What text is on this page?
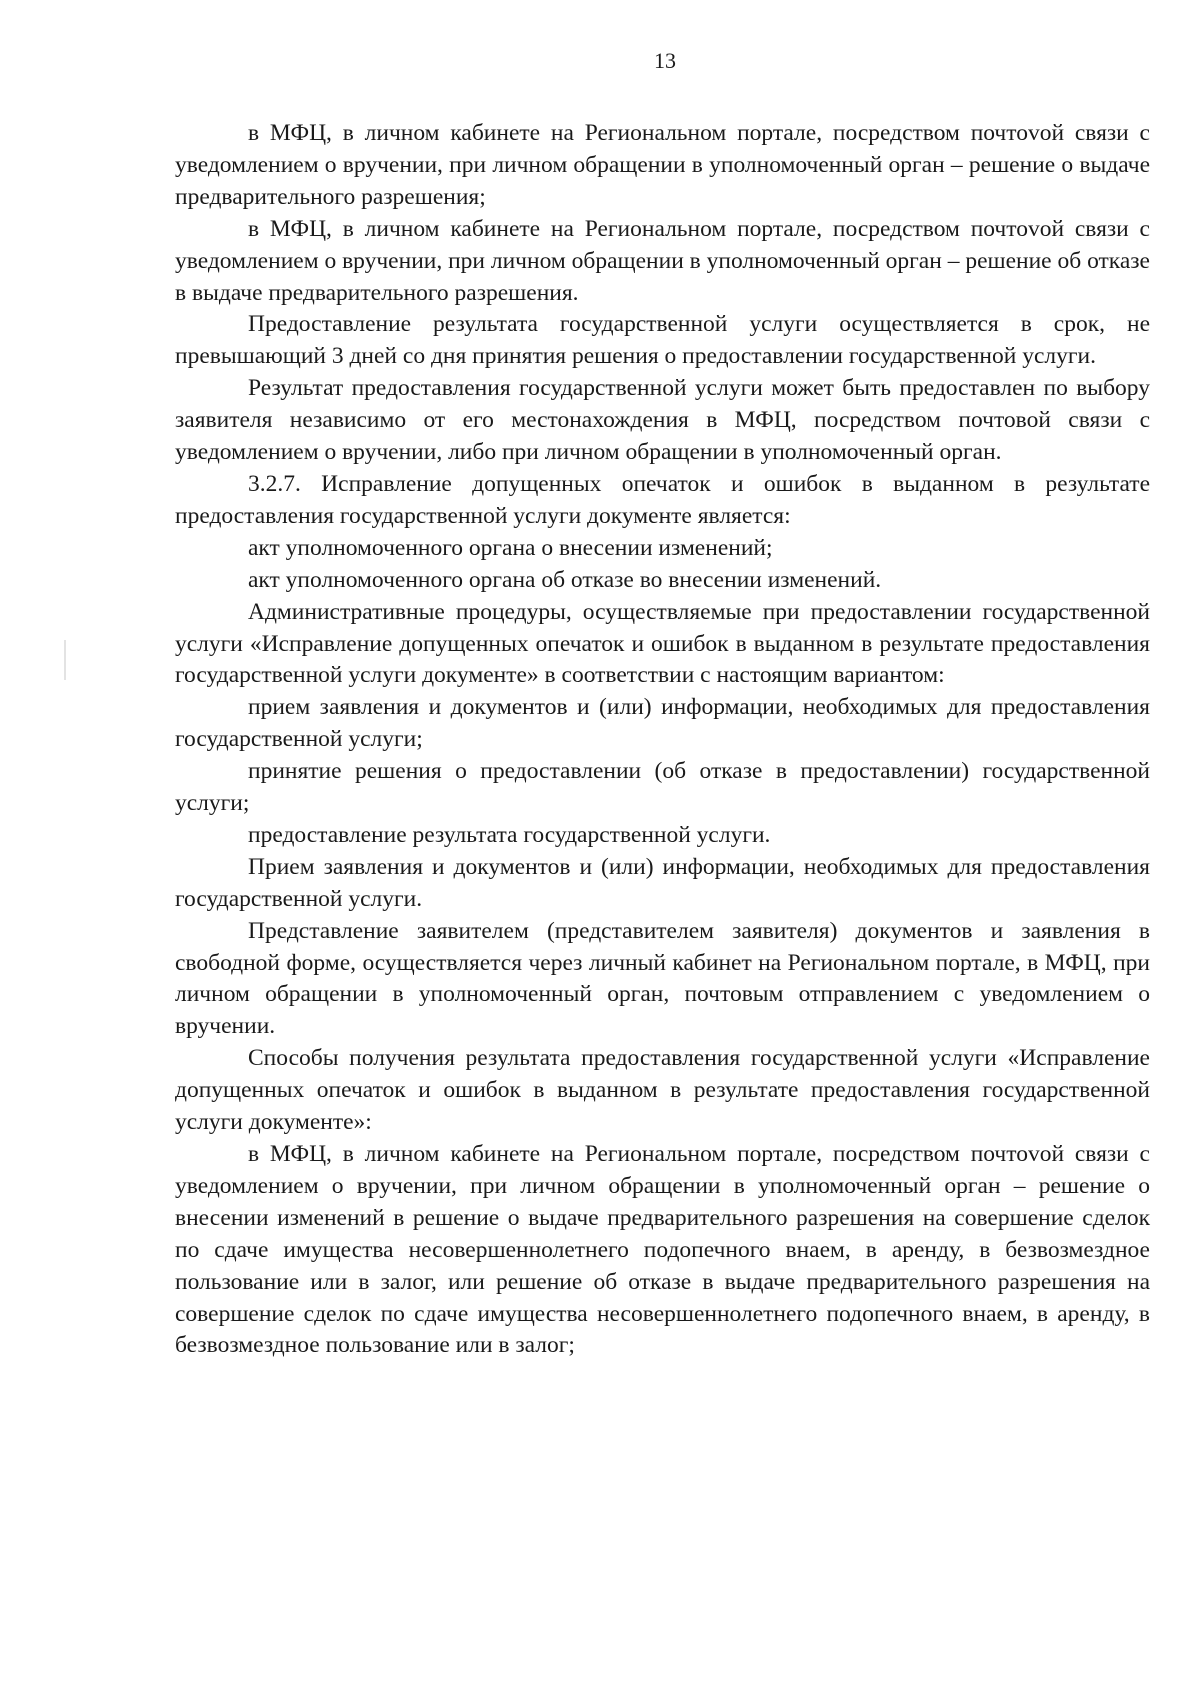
13

в МФЦ, в личном кабинете на Региональном портале, посредством почтоvой связи с уведомлением о вручении, при личном обращении в уполномоченный орган – решение о выдаче предварительного разрешения;

в МФЦ, в личном кабинете на Региональном портале, посредством почтоvой связи с уведомлением о вручении, при личном обращении в уполномоченный орган – решение об отказе в выдаче предварительного разрешения.

Предоставление результата государственной услуги осуществляется в срок, не превышающий 3 дней со дня принятия решения о предоставлении государственной услуги.

Результат предоставления государственной услуги может быть предоставлен по выбору заявителя независимо от его местонахождения в МФЦ, посредством почтовой связи с уведомлением о вручении, либо при личном обращении в уполномоченный орган.

3.2.7. Исправление допущенных опечаток и ошибок в выданном в результате предоставления государственной услуги документе является:

акт уполномоченного органа о внесении изменений;

акт уполномоченного органа об отказе во внесении изменений.

Административные процедуры, осуществляемые при предоставлении государственной услуги «Исправление допущенных опечаток и ошибок в выданном в результате предоставления государственной услуги документе» в соответствии с настоящим вариантом:

прием заявления и документов и (или) информации, необходимых для предоставления государственной услуги;

принятие решения о предоставлении (об отказе в предоставлении) государственной услуги;

предоставление результата государственной услуги.

Прием заявления и документов и (или) информации, необходимых для предоставления государственной услуги.

Представление заявителем (представителем заявителя) документов и заявления в свободной форме, осуществляется через личный кабинет на Региональном портале, в МФЦ, при личном обращении в уполномоченный орган, почтовым отправлением с уведомлением о вручении.

Способы получения результата предоставления государственной услуги «Исправление допущенных опечаток и ошибок в выданном в результате предоставления государственной услуги документе»:

в МФЦ, в личном кабинете на Региональном портале, посредством почтоvой связи с уведомлением о вручении, при личном обращении в уполномоченный орган – решение о внесении изменений в решение о выдаче предварительного разрешения на совершение сделок по сдаче имущества несовершеннолетнего подопечного внаем, в аренду, в безвозмездное пользование или в залог, или решение об отказе в выдаче предварительного разрешения на совершение сделок по сдаче имущества несовершеннолетнего подопечного внаем, в аренду, в безвозмездное пользование или в залог;
